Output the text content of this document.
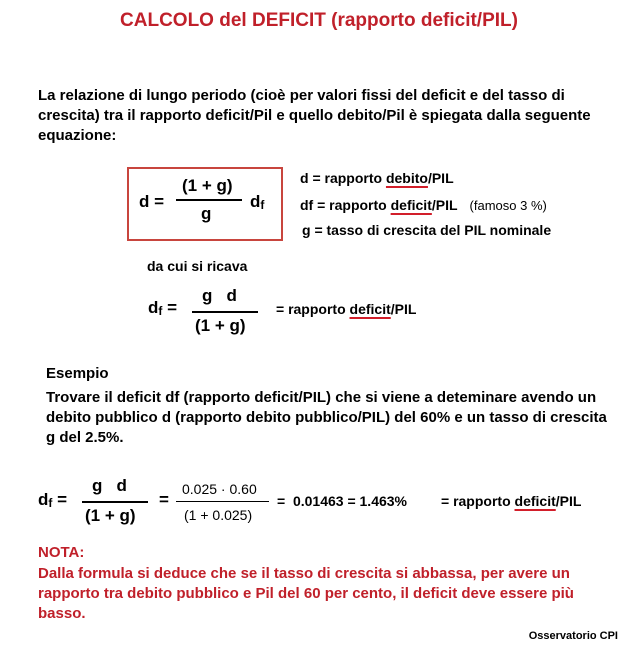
CALCOLO del DEFICIT (rapporto deficit/PIL)
La relazione di lungo periodo (cioè per valori fissi del deficit e del tasso di crescita) tra il rapporto deficit/Pil e quello debito/Pil è spiegata dalla seguente equazione:
d =
(1 + g)
g
$d_f$
d = rapporto debito/PIL
df = rapporto deficit/PIL (famoso 3 %)
g = tasso di crescita del PIL nominale
da cui si ricava
$d_f$ =
g   d
(1 + g)
= rapporto deficit/PIL
Esempio
Trovare il deficit df (rapporto deficit/PIL) che si viene a deteminare avendo un debito pubblico d (rapporto debito pubblico/PIL) del 60% e un tasso di crescita g del 2.5%.
$d_f$ =
g   d
(1 + g)
=
0.025 · 0.60
(1 + 0.025)
=  0.01463 = 1.463% = rapporto deficit/PIL
NOTA:
Dalla formula si deduce che se il tasso di crescita si abbassa, per avere un rapporto tra debito pubblico e Pil del 60 per cento, il deficit deve essere più basso.
Osservatorio CPI
